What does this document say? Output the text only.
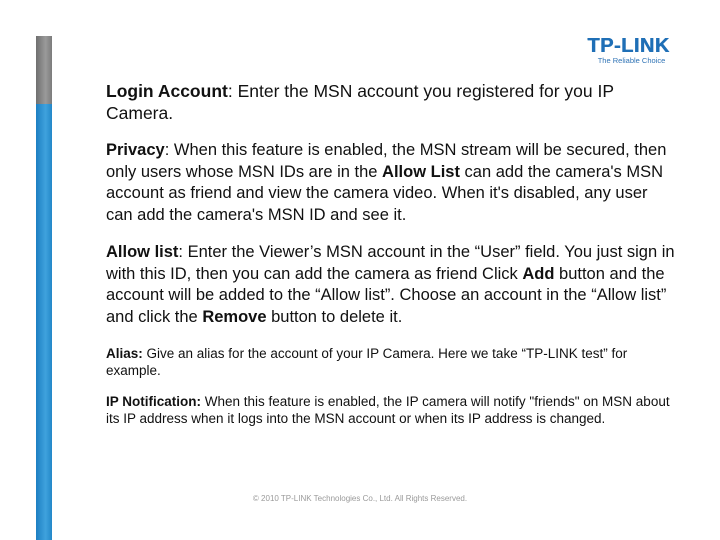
TP-LINK
The Reliable Choice

Login Account: Enter the MSN account you registered for you IP Camera.

Privacy: When this feature is enabled, the MSN stream will be secured, then only users whose MSN IDs are in the Allow List can add the camera's MSN account as friend and view the camera video. When it's disabled, any user can add the camera's MSN ID and see it.

Allow list: Enter the Viewer’s MSN account in the “User” field. You just sign in with this ID, then you can add the camera as friend Click Add button and the account will be added to the “Allow list”. Choose an account in the “Allow list” and click the Remove button to delete it.

Alias: Give an alias for the account of your IP Camera. Here we take “TP-LINK test” for example.

IP Notification: When this feature is enabled, the IP camera will notify "friends" on MSN about its IP address when it logs into the MSN account or when its IP address is changed.

© 2010 TP-LINK Technologies Co., Ltd. All Rights Reserved.
